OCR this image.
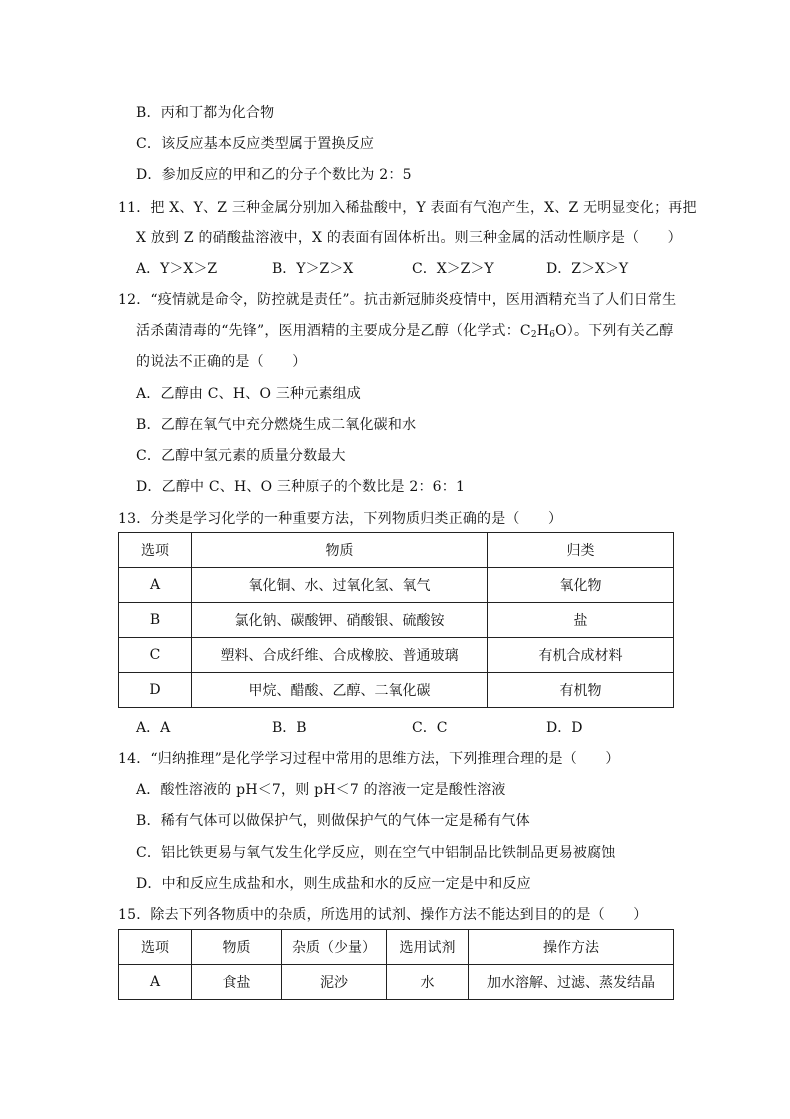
B．丙和丁都为化合物
C．该反应基本反应类型属于置换反应
D．参加反应的甲和乙的分子个数比为 2：5
11．把 X、Y、Z 三种金属分别加入稀盐酸中，Y 表面有气泡产生，X、Z 无明显变化；再把
X 放到 Z 的硝酸盐溶液中，X 的表面有固体析出。则三种金属的活动性顺序是（　　）
A．Y＞X＞Z	B．Y＞Z＞X	C．X＞Z＞Y	D．Z＞X＞Y
12．“疫情就是命令，防控就是责任”。抗击新冠肺炎疫情中，医用酒精充当了人们日常生
活杀菌清毒的“先锋”，医用酒精的主要成分是乙醇（化学式：$C_2H_6O$）。下列有关乙醇
的说法不正确的是（　　）
A．乙醇由 C、H、O 三种元素组成
B．乙醇在氧气中充分燃烧生成二氧化碳和水
C．乙醇中氢元素的质量分数最大
D．乙醇中 C、H、O 三种原子的个数比是 2：6：1
13．分类是学习化学的一种重要方法，下列物质归类正确的是（　　）
选项	物质	归类
A	氧化铜、水、过氧化氢、氧气	氧化物
B	氯化钠、碳酸钾、硝酸银、硫酸铵	盐
C	塑料、合成纤维、合成橡胶、普通玻璃	有机合成材料
D	甲烷、醋酸、乙醇、二氧化碳	有机物
A．A	B．B	C．C	D．D
14．“归纳推理”是化学学习过程中常用的思维方法，下列推理合理的是（　　）
A．酸性溶液的 pH＜7，则 pH＜7 的溶液一定是酸性溶液
B．稀有气体可以做保护气，则做保护气的气体一定是稀有气体
C．铝比铁更易与氧气发生化学反应，则在空气中铝制品比铁制品更易被腐蚀
D．中和反应生成盐和水，则生成盐和水的反应一定是中和反应
15．除去下列各物质中的杂质，所选用的试剂、操作方法不能达到目的的是（　　）
选项	物质	杂质（少量）	选用试剂	操作方法
A	食盐	泥沙	水	加水溶解、过滤、蒸发结晶
